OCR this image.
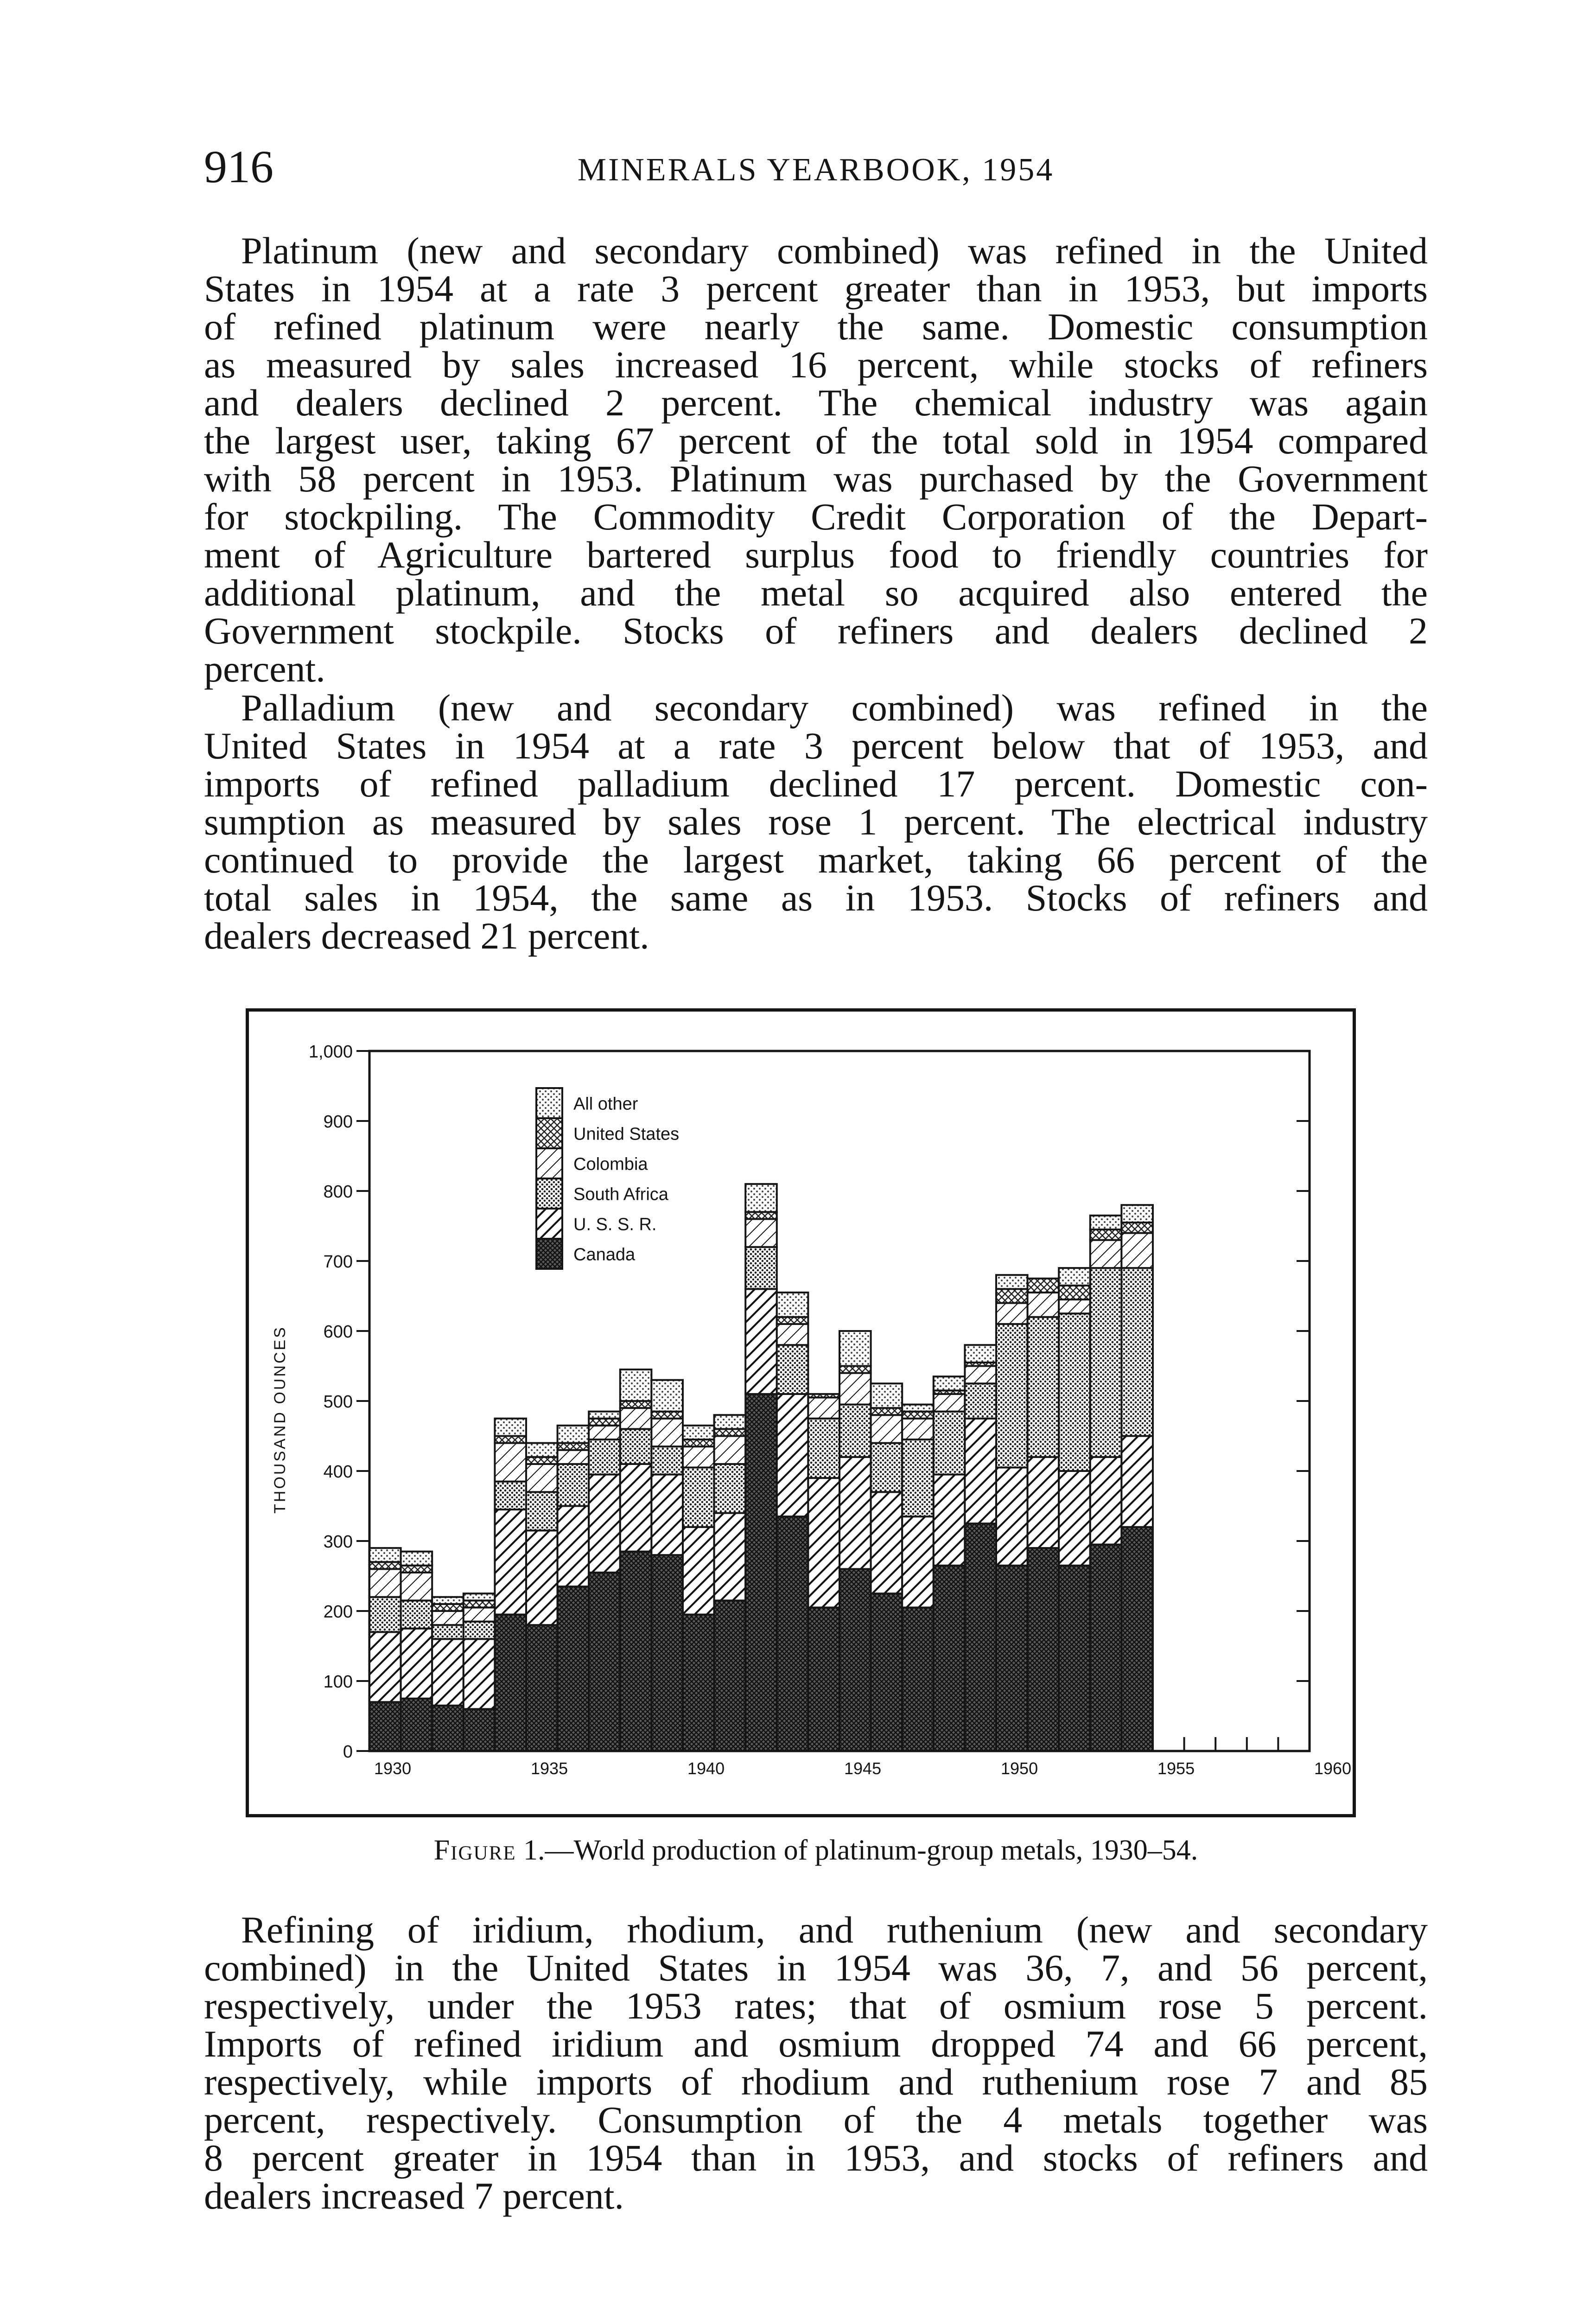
916	MINERALS YEARBOOK, 1954
Platinum (new and secondary combined) was refined in the United
States in 1954 at a rate 3 percent greater than in 1953, but imports
of refined platinum were nearly the same. Domestic consumption
as measured by sales increased 16 percent, while stocks of refiners
and dealers declined 2 percent. The chemical industry was again
the largest user, taking 67 percent of the total sold in 1954 compared
with 58 percent in 1953. Platinum was purchased by the Government
for stockpiling. The Commodity Credit Corporation of the Depart-
ment of Agriculture bartered surplus food to friendly countries for
additional platinum, and the metal so acquired also entered the
Government stockpile. Stocks of refiners and dealers declined 2
percent.
Palladium (new and secondary combined) was refined in the
United States in 1954 at a rate 3 percent below that of 1953, and
imports of refined palladium declined 17 percent. Domestic con-
sumption as measured by sales rose 1 percent. The electrical industry
continued to provide the largest market, taking 66 percent of the
total sales in 1954, the same as in 1953. Stocks of refiners and
dealers decreased 21 percent.
0
100
200
300
400
500
600
700
800
900
1,000
THOUSAND OUNCES
1930	1935	1940	1945	1950	1955	1960
All other
United States
Colombia
South Africa
U. S. S. R.
Canada
Figure 1.—World production of platinum-group metals, 1930–54.
Refining of iridium, rhodium, and ruthenium (new and secondary
combined) in the United States in 1954 was 36, 7, and 56 percent,
respectively, under the 1953 rates; that of osmium rose 5 percent.
Imports of refined iridium and osmium dropped 74 and 66 percent,
respectively, while imports of rhodium and ruthenium rose 7 and 85
percent, respectively. Consumption of the 4 metals together was
8 percent greater in 1954 than in 1953, and stocks of refiners and
dealers increased 7 percent.
